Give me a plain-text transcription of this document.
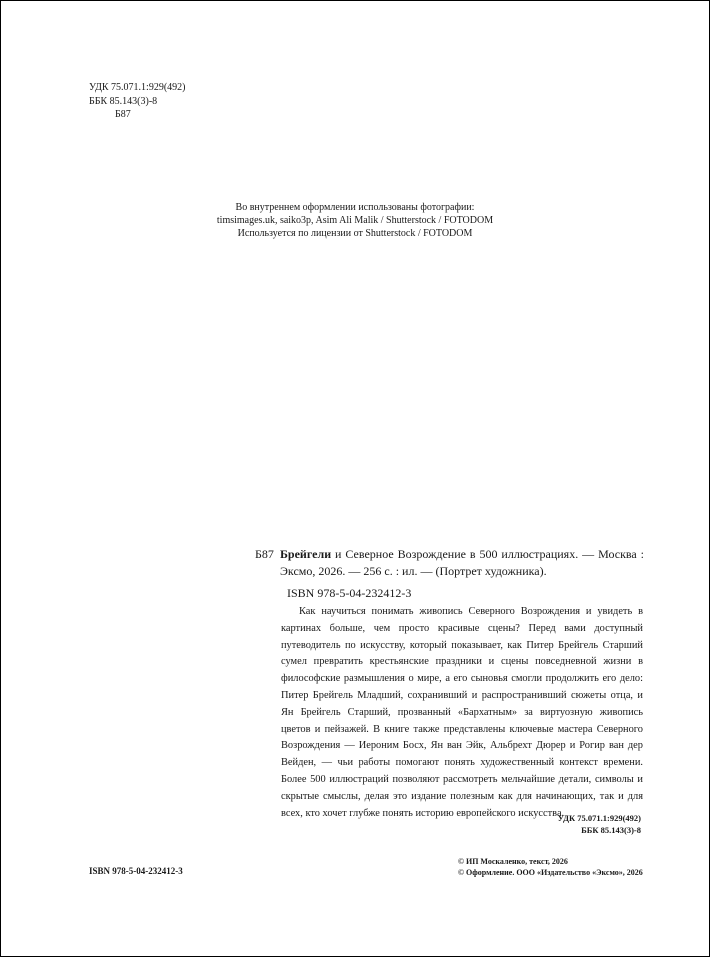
УДК 75.071.1:929(492)
ББК 85.143(3)-8
Б87
Во внутреннем оформлении использованы фотографии:
timsimages.uk, saiko3p, Asim Ali Malik / Shutterstock / FOTODOM
Используется по лицензии от Shutterstock / FOTODOM
Б87 Брейгели и Северное Возрождение в 500 иллюстрациях. — Москва : Эксмо, 2026. — 256 с. : ил. — (Портрет художника).
ISBN 978-5-04-232412-3
Как научиться понимать живопись Северного Возрождения и увидеть в картинах больше, чем просто красивые сцены? Перед вами доступный путеводитель по искусству, который показывает, как Питер Брейгель Старший сумел превратить крестьянские праздники и сцены повседневной жизни в философские размышления о мире, а его сыновья смогли продолжить его дело: Питер Брейгель Младший, сохранивший и распространивший сюжеты отца, и Ян Брейгель Старший, прозванный «Бархатным» за виртуозную живопись цветов и пейзажей. В книге также представлены ключевые мастера Северного Возрождения — Иероним Босх, Ян ван Эйк, Альбрехт Дюрер и Рогир ван дер Вейден, — чьи работы помогают понять художественный контекст времени. Более 500 иллюстраций позволяют рассмотреть мельчайшие детали, символы и скрытые смыслы, делая это издание полезным как для начинающих, так и для всех, кто хочет глубже понять историю европейского искусства.
УДК 75.071.1:929(492)
ББК 85.143(3)-8
ISBN 978-5-04-232412-3
© ИП Москаленко, текст, 2026
© Оформление. ООО «Издательство «Эксмо», 2026
